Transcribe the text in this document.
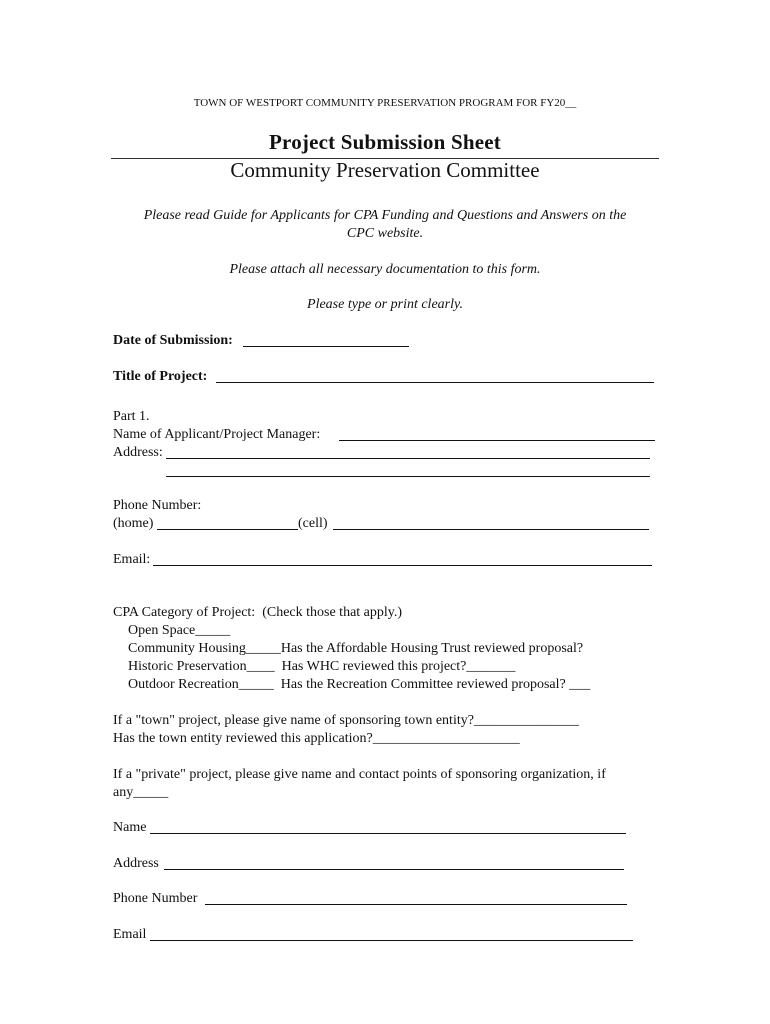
TOWN OF WESTPORT COMMUNITY PRESERVATION PROGRAM FOR FY20__
Project Submission Sheet
Community Preservation Committee
Please read Guide for Applicants for CPA Funding and Questions and Answers on the
CPC website.
Please attach all necessary documentation to this form.
Please type or print clearly.
Date of Submission:
Title of Project:
Part 1.
Name of Applicant/Project Manager:
Address:
Phone Number:
(home)	(cell)
Email:
CPA Category of Project:  (Check those that apply.)
Open Space_____
Community Housing_____Has the Affordable Housing Trust reviewed proposal?
Historic Preservation____  Has WHC reviewed this project?_______
Outdoor Recreation_____  Has the Recreation Committee reviewed proposal? ___
If a "town" project, please give name of sponsoring town entity?_______________
Has the town entity reviewed this application?_____________________
If a "private" project, please give name and contact points of sponsoring organization, if
any_____
Name
Address
Phone Number
Email
